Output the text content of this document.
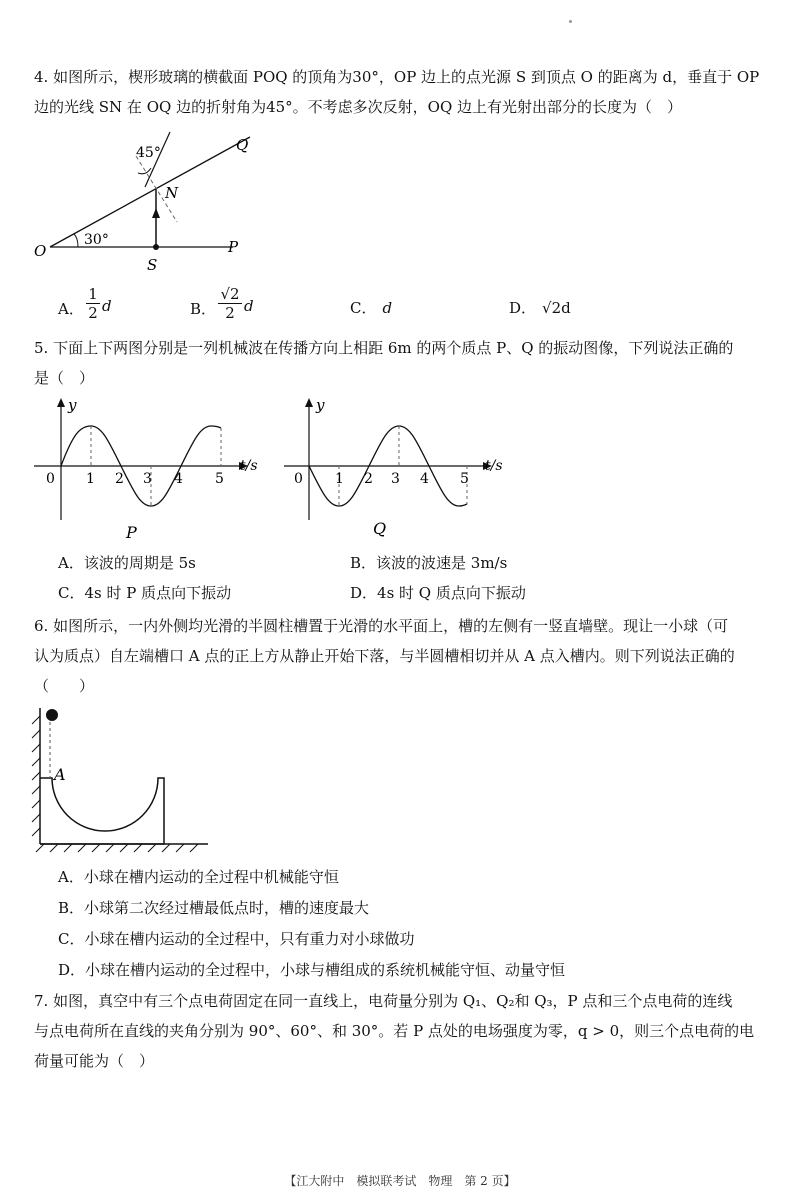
4. 如图所示，楔形玻璃的横截面 POQ 的顶角为30°，OP 边上的点光源 S 到顶点 O 的距离为 d，垂直于 OP
边的光线 SN 在 OQ 边的折射角为45°。不考虑多次反射，OQ 边上有光射出部分的长度为（　）
Q
N
O	P
S
45°
30°
A．
1
2 d	B．
√2
2 d	C． d	D． √2d
5. 下面上下两图分别是一列机械波在传播方向上相距 6m 的两个质点 P、Q 的振动图像，下列说法正确的
是（　）
y
t/s
0 1 2 3 4 5
P
y
t/s
0 1 2 3 4 5
Q
A．该波的周期是 5s	B．该波的波速是 3m/s
C．4s 时 P 质点向下振动	D．4s 时 Q 质点向下振动
6. 如图所示，一内外侧均光滑的半圆柱槽置于光滑的水平面上，槽的左侧有一竖直墙壁。现让一小球（可
认为质点）自左端槽口 A 点的正上方从静止开始下落，与半圆槽相切并从 A 点入槽内。则下列说法正确的
（　　）
A
A．小球在槽内运动的全过程中机械能守恒
B．小球第二次经过槽最低点时，槽的速度最大
C．小球在槽内运动的全过程中，只有重力对小球做功
D．小球在槽内运动的全过程中，小球与槽组成的系统机械能守恒、动量守恒
7. 如图，真空中有三个点电荷固定在同一直线上，电荷量分别为 Q₁、Q₂和 Q₃，P 点和三个点电荷的连线
与点电荷所在直线的夹角分别为 90°、60°、和 30°。若 P 点处的电场强度为零，q > 0，则三个点电荷的电
荷量可能为（　）
【江大附中　模拟联考试　物理　第 2 页】
